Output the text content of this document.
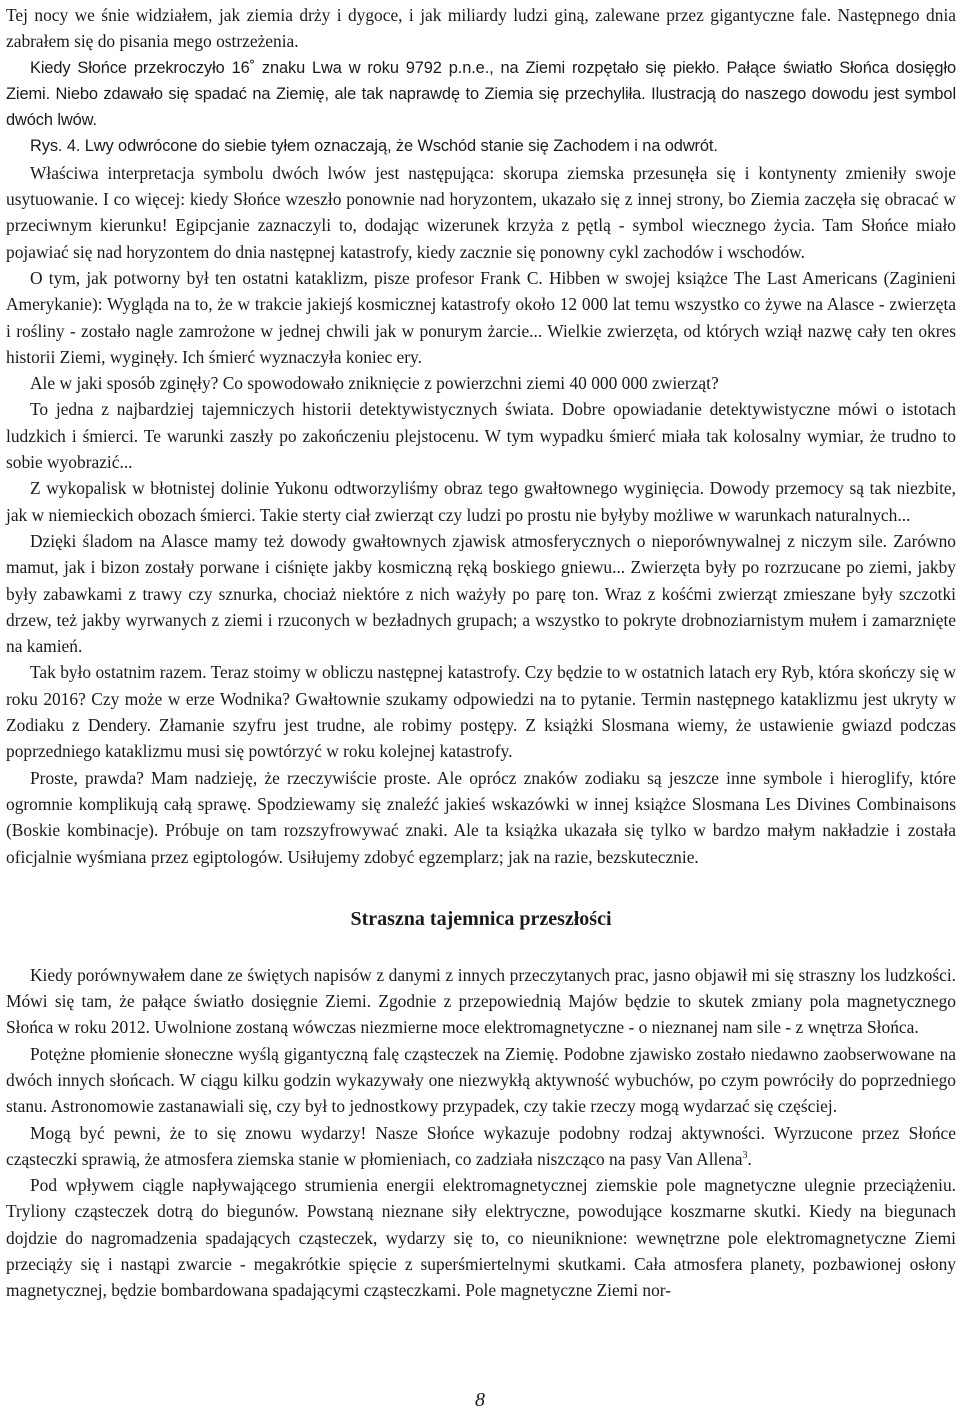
Tej nocy we śnie widziałem, jak ziemia drży i dygoce, i jak miliardy ludzi giną, zalewane przez gigantyczne fale. Następnego dnia zabrałem się do pisania mego ostrzeżenia.

Kiedy Słońce przekroczyło 16˚ znaku Lwa w roku 9792 p.n.e., na Ziemi rozpętało się piekło. Pałące światło Słońca dosięgło Ziemi. Niebo zdawało się spadać na Ziemię, ale tak naprawdę to Ziemia się przechyliła. Ilustracją do naszego dowodu jest symbol dwóch lwów.

Rys. 4. Lwy odwrócone do siebie tyłem oznaczają, że Wschód stanie się Zachodem i na odwrót.

Właściwa interpretacja symbolu dwóch lwów jest następująca: skorupa ziemska przesunęła się i kontynenty zmieniły swoje usytuowanie. I co więcej: kiedy Słońce wzeszło ponownie nad horyzontem, ukazało się z innej strony, bo Ziemia zaczęła się obracać w przeciwnym kierunku! Egipcjanie zaznaczyli to, dodając wizerunek krzyża z pętlą - symbol wiecznego życia. Tam Słońce miało pojawiać się nad horyzontem do dnia następnej katastrofy, kiedy zacznie się ponowny cykl zachodów i wschodów.

O tym, jak potworny był ten ostatni kataklizm, pisze profesor Frank C. Hibben w swojej książce The Last Americans (Zaginieni Amerykanie): Wygląda na to, że w trakcie jakiejś kosmicznej katastrofy około 12 000 lat temu wszystko co żywe na Alasce - zwierzęta i rośliny - zostało nagle zamrożone w jednej chwili jak w ponurym żarcie... Wielkie zwierzęta, od których wziął nazwę cały ten okres historii Ziemi, wyginęły. Ich śmierć wyznaczyła koniec ery.

Ale w jaki sposób zginęły? Co spowodowało zniknięcie z powierzchni ziemi 40 000 000 zwierząt?

To jedna z najbardziej tajemniczych historii detektywistycznych świata. Dobre opowiadanie detektywistyczne mówi o istotach ludzkich i śmierci. Te warunki zaszły po zakończeniu plejstocenu. W tym wypadku śmierć miała tak kolosalny wymiar, że trudno to sobie wyobrazić...

Z wykopalisk w błotnistej dolinie Yukonu odtworzyliśmy obraz tego gwałtownego wyginięcia. Dowody przemocy są tak niezbite, jak w niemieckich obozach śmierci. Takie sterty ciał zwierząt czy ludzi po prostu nie byłyby możliwe w warunkach naturalnych...

Dzięki śladom na Alasce mamy też dowody gwałtownych zjawisk atmosferycznych o nieporównywalnej z niczym sile. Zarówno mamut, jak i bizon zostały porwane i ciśnięte jakby kosmiczną ręką boskiego gniewu... Zwierzęta były po rozrzucane po ziemi, jakby były zabawkami z trawy czy sznurka, chociaż niektóre z nich ważyły po parę ton. Wraz z kośćmi zwierząt zmieszane były szczotki drzew, też jakby wyrwanych z ziemi i rzuconych w bezładnych grupach; a wszystko to pokryte drobnoziarnistym mułem i zamarznięte na kamień.

Tak było ostatnim razem. Teraz stoimy w obliczu następnej katastrofy. Czy będzie to w ostatnich latach ery Ryb, która skończy się w roku 2016? Czy może w erze Wodnika? Gwałtownie szukamy odpowiedzi na to pytanie. Termin następnego kataklizmu jest ukryty w Zodiaku z Dendery. Złamanie szyfru jest trudne, ale robimy postępy. Z książki Slosmana wiemy, że ustawienie gwiazd podczas poprzedniego kataklizmu musi się powtórzyć w roku kolejnej katastrofy.

Proste, prawda? Mam nadzieję, że rzeczywiście proste. Ale oprócz znaków zodiaku są jeszcze inne symbole i hieroglify, które ogromnie komplikują całą sprawę. Spodziewamy się znaleźć jakieś wskazówki w innej książce Slosmana Les Divines Combinaisons (Boskie kombinacje). Próbuje on tam rozszyfrowywać znaki. Ale ta książka ukazała się tylko w bardzo małym nakładzie i została oficjalnie wyśmiana przez egiptologów. Usiłujemy zdobyć egzemplarz; jak na razie, bezskutecznie.

Straszna tajemnica przeszłości

Kiedy porównywałem dane ze świętych napisów z danymi z innych przeczytanych prac, jasno objawił mi się straszny los ludzkości. Mówi się tam, że pałące światło dosięgnie Ziemi. Zgodnie z przepowiednią Majów będzie to skutek zmiany pola magnetycznego Słońca w roku 2012. Uwolnione zostaną wówczas niezmierne moce elektromagnetyczne - o nieznanej nam sile - z wnętrza Słońca.

Potężne płomienie słoneczne wyślą gigantyczną falę cząsteczek na Ziemię. Podobne zjawisko zostało niedawno zaobserwowane na dwóch innych słońcach. W ciągu kilku godzin wykazywały one niezwykłą aktywność wybuchów, po czym powróciły do poprzedniego stanu. Astronomowie zastanawiali się, czy był to jednostkowy przypadek, czy takie rzeczy mogą wydarzać się częściej.

Mogą być pewni, że to się znowu wydarzy! Nasze Słońce wykazuje podobny rodzaj aktywności. Wyrzucone przez Słońce cząsteczki sprawią, że atmosfera ziemska stanie w płomieniach, co zadziała niszcząco na pasy Van Allena$^3$.

Pod wpływem ciągle napływającego strumienia energii elektromagnetycznej ziemskie pole magnetyczne ulegnie przeciążeniu. Tryliony cząsteczek dotrą do biegunów. Powstaną nieznane siły elektryczne, powodujące koszmarne skutki. Kiedy na biegunach dojdzie do nagromadzenia spadających cząsteczek, wydarzy się to, co nieuniknione: wewnętrzne pole elektromagnetyczne Ziemi przeciąży się i nastąpi zwarcie - megakrótkie spięcie z superśmiertelnymi skutkami. Cała atmosfera planety, pozbawionej osłony magnetycznej, będzie bombardowana spadającymi cząsteczkami. Pole magnetyczne Ziemi nor-

8
